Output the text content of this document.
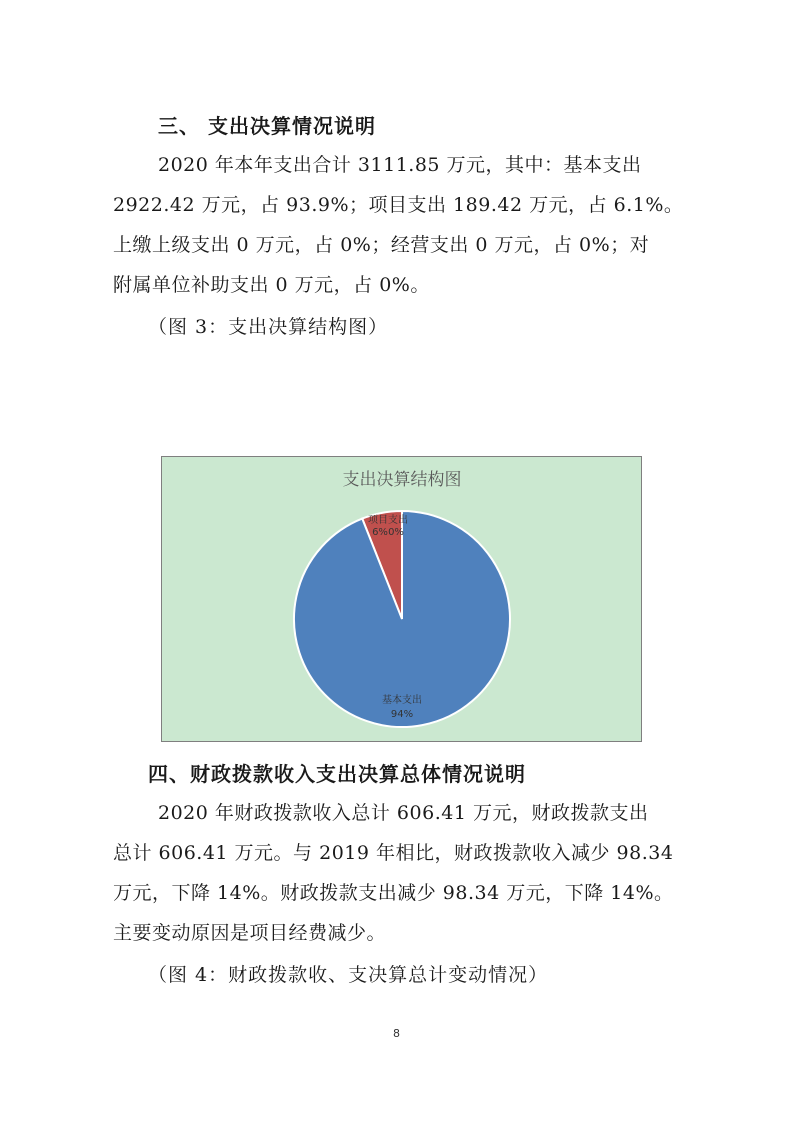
三、 支出决算情况说明
2020 年本年支出合计 3111.85 万元，其中：基本支出
2922.42 万元，占 93.9%；项目支出 189.42 万元，占 6.1%。
上缴上级支出 0 万元，占 0%；经营支出 0 万元，占 0%；对
附属单位补助支出 0 万元，占 0%。
（图 3：支出决算结构图）
支出决算结构图
基本支出
94%
项目支出
6% 0%
四、财政拨款收入支出决算总体情况说明
2020 年财政拨款收入总计 606.41 万元，财政拨款支出
总计 606.41 万元。与 2019 年相比，财政拨款收入减少 98.34
万元，下降 14%。财政拨款支出减少 98.34 万元，下降 14%。
主要变动原因是项目经费减少。
（图 4：财政拨款收、支决算总计变动情况）
8
